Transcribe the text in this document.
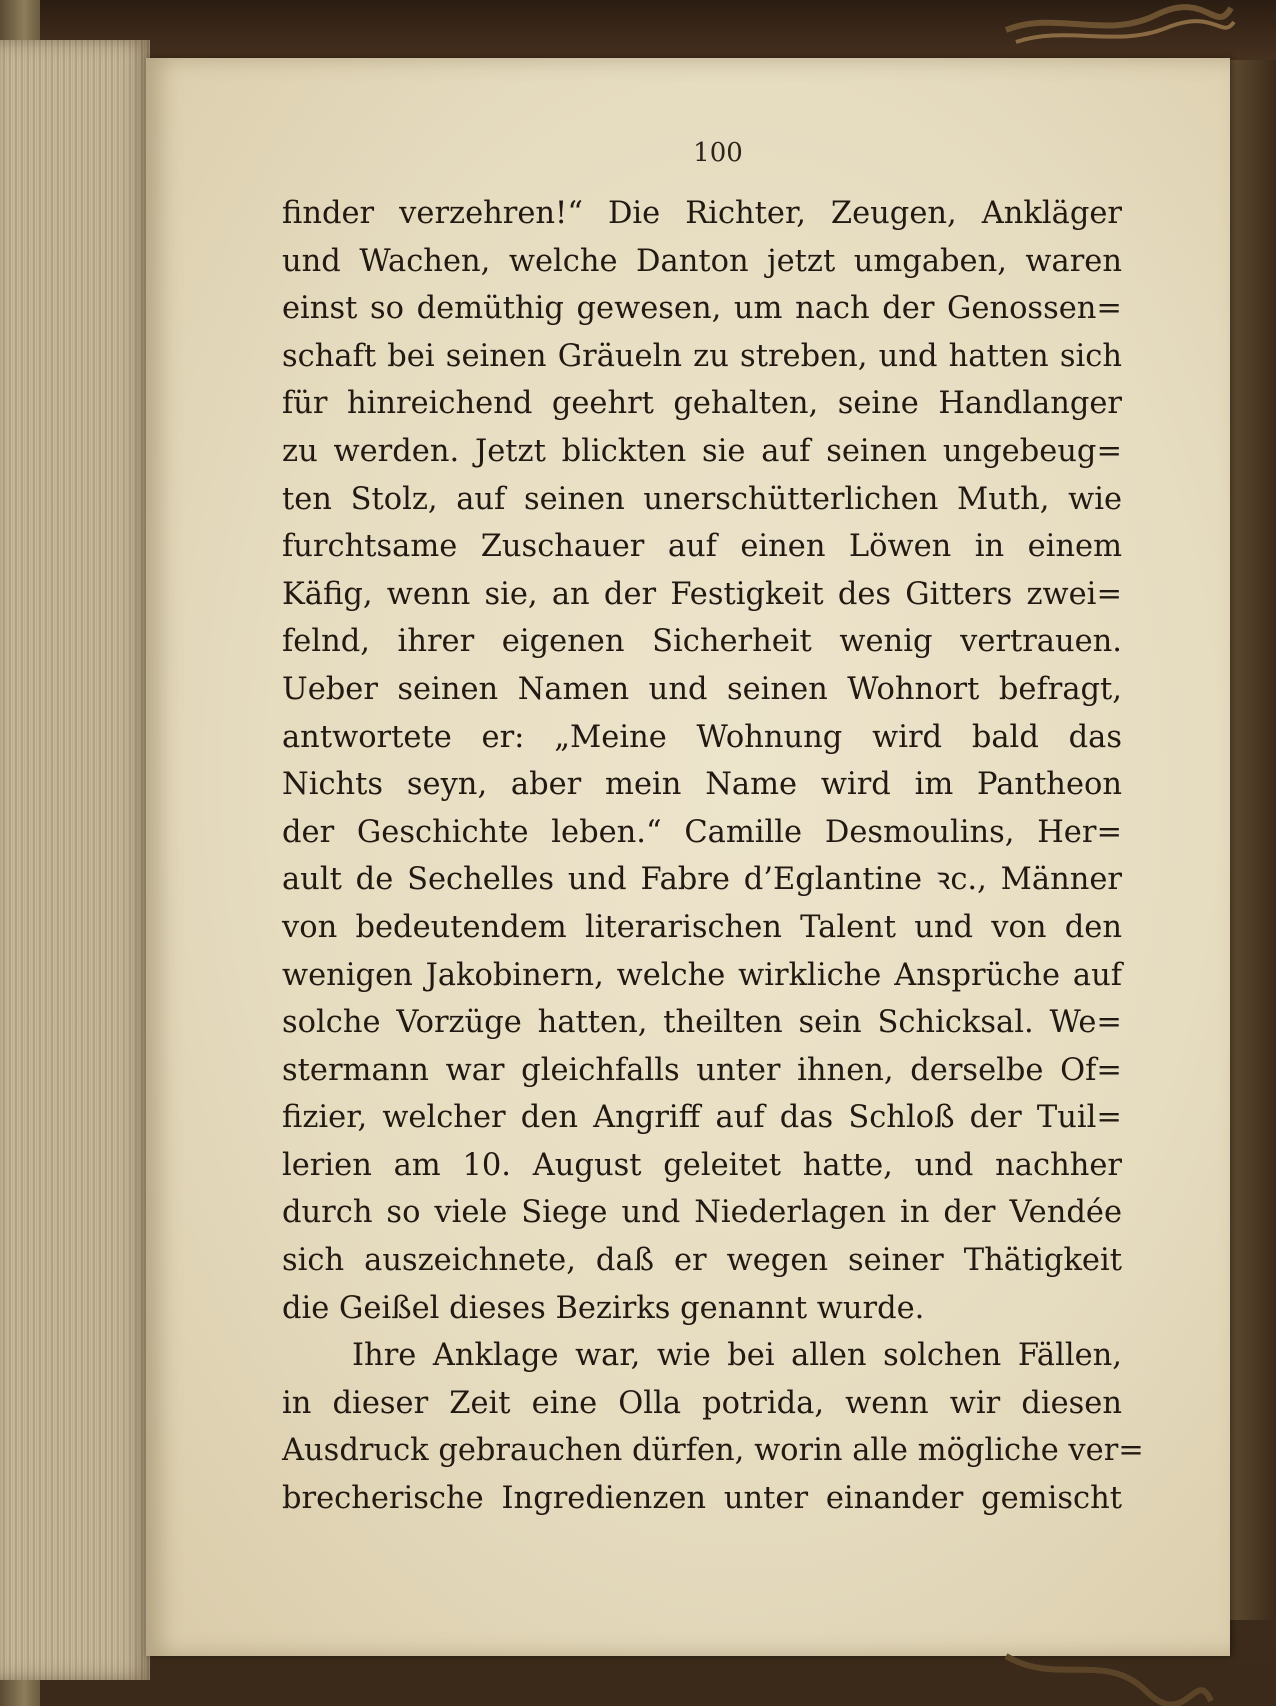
100
finder verzehren!“ Die Richter, Zeugen, Ankläger
und Wachen, welche Danton jetzt umgaben, waren
einst so demüthig gewesen, um nach der Genossen=
schaft bei seinen Gräueln zu streben, und hatten sich
für hinreichend geehrt gehalten, seine Handlanger
zu werden. Jetzt blickten sie auf seinen ungebeug=
ten Stolz, auf seinen unerschütterlichen Muth, wie
furchtsame Zuschauer auf einen Löwen in einem
Käfig, wenn sie, an der Festigkeit des Gitters zwei=
felnd, ihrer eigenen Sicherheit wenig vertrauen.
Ueber seinen Namen und seinen Wohnort befragt,
antwortete er: „Meine Wohnung wird bald das
Nichts seyn, aber mein Name wird im Pantheon
der Geschichte leben.“ Camille Desmoulins, Her=
ault de Sechelles und Fabre d’Eglantine ꝛc., Männer
von bedeutendem literarischen Talent und von den
wenigen Jakobinern, welche wirkliche Ansprüche auf
solche Vorzüge hatten, theilten sein Schicksal. We=
stermann war gleichfalls unter ihnen, derselbe Of=
fizier, welcher den Angriff auf das Schloß der Tuil=
lerien am 10. August geleitet hatte, und nachher
durch so viele Siege und Niederlagen in der Vendée
sich auszeichnete, daß er wegen seiner Thätigkeit
die Geißel dieses Bezirks genannt wurde.
Ihre Anklage war, wie bei allen solchen Fällen,
in dieser Zeit eine Olla potrida, wenn wir diesen
Ausdruck gebrauchen dürfen, worin alle mögliche ver=
brecherische Ingredienzen unter einander gemischt
